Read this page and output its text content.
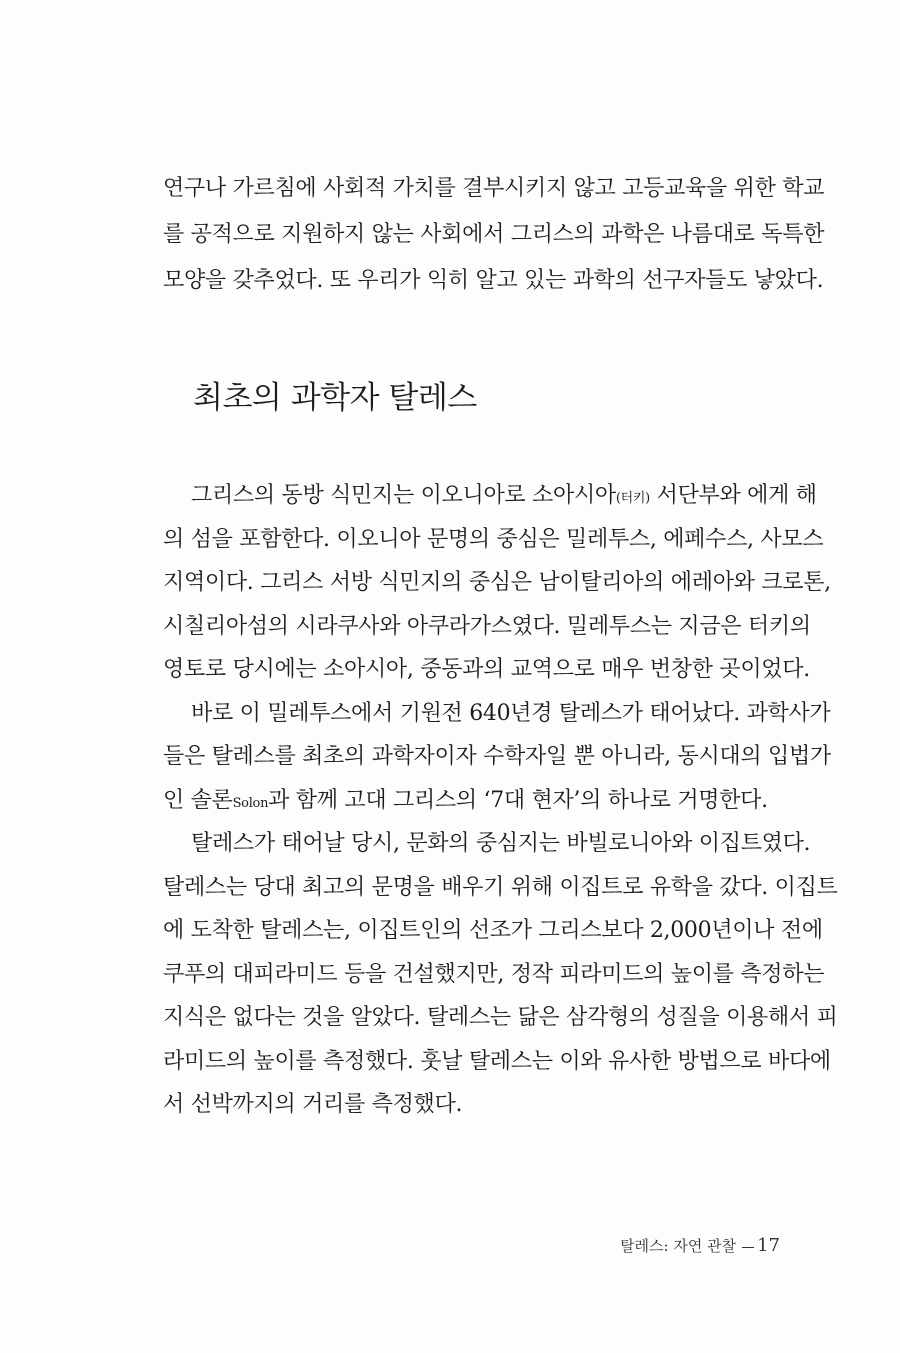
연구나 가르침에 사회적 가치를 결부시키지 않고 고등교육을 위한 학교
를 공적으로 지원하지 않는 사회에서 그리스의 과학은 나름대로 독특한
모양을 갖추었다. 또 우리가 익히 알고 있는 과학의 선구자들도 낳았다.
최초의 과학자 탈레스
그리스의 동방 식민지는 이오니아로 소아시아(터키) 서단부와 에게 해
의 섬을 포함한다. 이오니아 문명의 중심은 밀레투스, 에페수스, 사모스
지역이다. 그리스 서방 식민지의 중심은 남이탈리아의 에레아와 크로톤,
시칠리아섬의 시라쿠사와 아쿠라가스였다. 밀레투스는 지금은 터키의
영토로 당시에는 소아시아, 중동과의 교역으로 매우 번창한 곳이었다.
바로 이 밀레투스에서 기원전 640년경 탈레스가 태어났다. 과학사가
들은 탈레스를 최초의 과학자이자 수학자일 뿐 아니라, 동시대의 입법가
인 솔론Solon과 함께 고대 그리스의 ‘7대 현자’의 하나로 거명한다.
탈레스가 태어날 당시, 문화의 중심지는 바빌로니아와 이집트였다.
탈레스는 당대 최고의 문명을 배우기 위해 이집트로 유학을 갔다. 이집트
에 도착한 탈레스는, 이집트인의 선조가 그리스보다 2,000년이나 전에
쿠푸의 대피라미드 등을 건설했지만, 정작 피라미드의 높이를 측정하는
지식은 없다는 것을 알았다. 탈레스는 닮은 삼각형의 성질을 이용해서 피
라미드의 높이를 측정했다. 훗날 탈레스는 이와 유사한 방법으로 바다에
서 선박까지의 거리를 측정했다.
탈레스: 자연 관찰 17
